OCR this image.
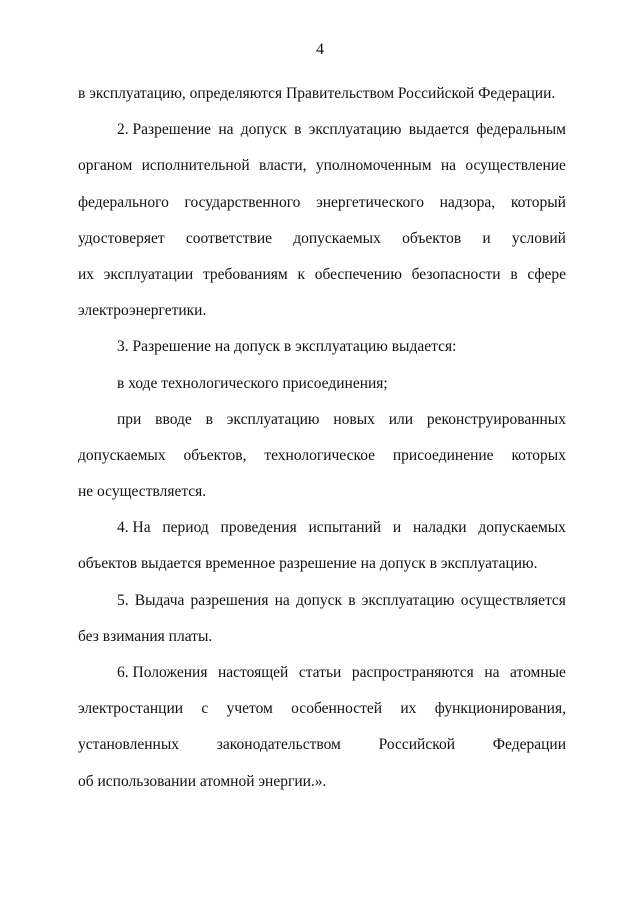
4
в эксплуатацию, определяются Правительством Российской Федерации.
2. Разрешение на допуск в эксплуатацию выдается федеральным
органом исполнительной власти, уполномоченным на осуществление
федерального государственного энергетического надзора, который
удостоверяет соответствие допускаемых объектов и условий
их эксплуатации требованиям к обеспечению безопасности в сфере
электроэнергетики.
3. Разрешение на допуск в эксплуатацию выдается:
в ходе технологического присоединения;
при вводе в эксплуатацию новых или реконструированных
допускаемых объектов, технологическое присоединение которых
не осуществляется.
4. На период проведения испытаний и наладки допускаемых
объектов выдается временное разрешение на допуск в эксплуатацию.
5. Выдача разрешения на допуск в эксплуатацию осуществляется
без взимания платы.
6. Положения настоящей статьи распространяются на атомные
электростанции с учетом особенностей их функционирования,
установленных законодательством Российской Федерации
об использовании атомной энергии.».
